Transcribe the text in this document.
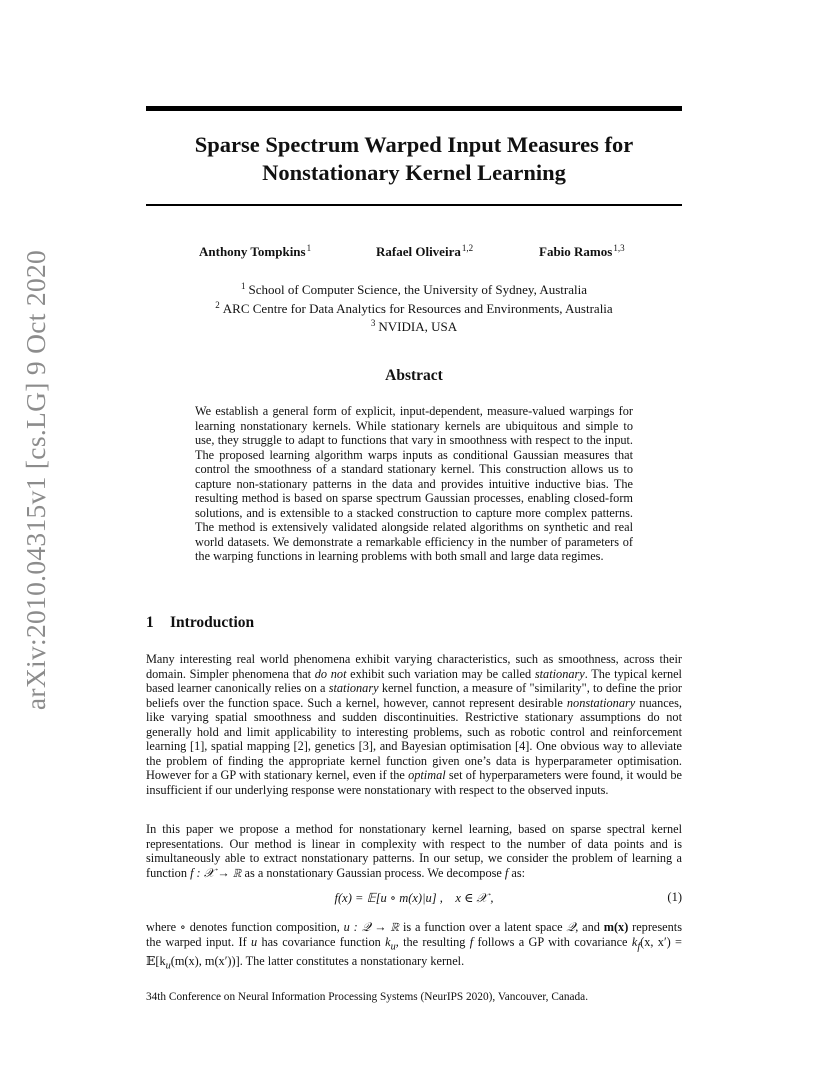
arXiv:2010.04315v1 [cs.LG] 9 Oct 2020
Sparse Spectrum Warped Input Measures for
Nonstationary Kernel Learning
Anthony Tompkins$^1$	Rafael Oliveira$^{1,2}$	Fabio Ramos$^{1,3}$
$^1$ School of Computer Science, the University of Sydney, Australia
$^2$ ARC Centre for Data Analytics for Resources and Environments, Australia
$^3$ NVIDIA, USA
Abstract
We establish a general form of explicit, input-dependent, measure-valued warpings for learning nonstationary kernels. While stationary kernels are ubiquitous and simple to use, they struggle to adapt to functions that vary in smoothness with respect to the input. The proposed learning algorithm warps inputs as conditional Gaussian measures that control the smoothness of a standard stationary kernel. This construction allows us to capture non-stationary patterns in the data and provides intuitive inductive bias. The resulting method is based on sparse spectrum Gaussian processes, enabling closed-form solutions, and is extensible to a stacked construction to capture more complex patterns. The method is extensively validated alongside related algorithms on synthetic and real world datasets. We demonstrate a remarkable efficiency in the number of parameters of the warping functions in learning problems with both small and large data regimes.
1 Introduction
Many interesting real world phenomena exhibit varying characteristics, such as smoothness, across their domain. Simpler phenomena that do not exhibit such variation may be called stationary. The typical kernel based learner canonically relies on a stationary kernel function, a measure of "similarity", to define the prior beliefs over the function space. Such a kernel, however, cannot represent desirable nonstationary nuances, like varying spatial smoothness and sudden discontinuities. Restrictive stationary assumptions do not generally hold and limit applicability to interesting problems, such as robotic control and reinforcement learning [1], spatial mapping [2], genetics [3], and Bayesian optimisation [4]. One obvious way to alleviate the problem of finding the appropriate kernel function given one’s data is hyperparameter optimisation. However for a GP with stationary kernel, even if the optimal set of hyperparameters were found, it would be insufficient if our underlying response were nonstationary with respect to the observed inputs.
In this paper we propose a method for nonstationary kernel learning, based on sparse spectral kernel representations. Our method is linear in complexity with respect to the number of data points and is simultaneously able to extract nonstationary patterns. In our setup, we consider the problem of learning a function f : 𝒳 → ℝ as a nonstationary Gaussian process. We decompose f as:
f(x) = 𝔼[u ∘ m(x)|u] , x ∈ 𝒳 ,	(1)
where ∘ denotes function composition, u : 𝒬 → ℝ is a function over a latent space 𝒬, and m(x) represents the warped input. If u has covariance function $k_u$, the resulting f follows a GP with covariance $k_f(x$, $x') = 𝔼[k_u(m(x)$, m(x′))]. The latter constitutes a nonstationary kernel.
34th Conference on Neural Information Processing Systems (NeurIPS 2020), Vancouver, Canada.
